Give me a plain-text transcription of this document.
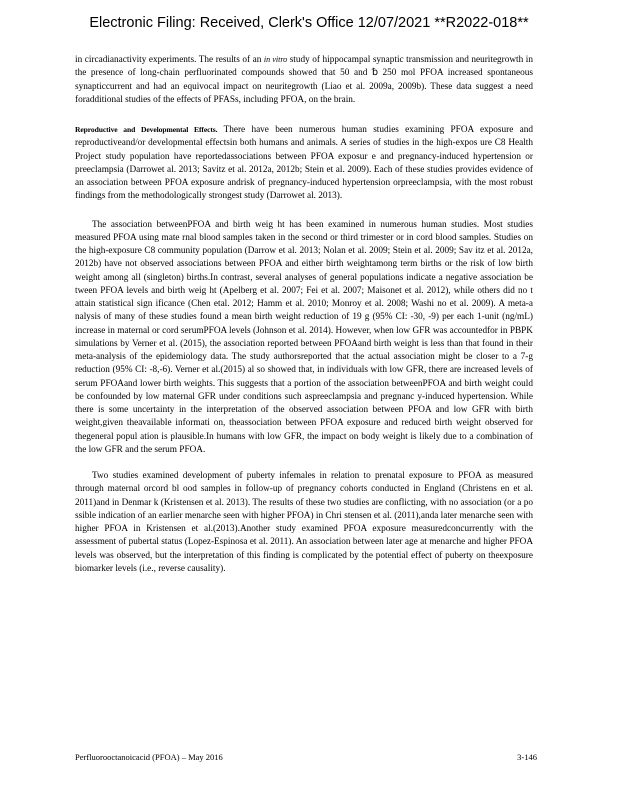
Electronic Filing: Received, Clerk's Office 12/07/2021 **R2022-018**

in circadianactivity experiments. The results of an in vitro study of hippocampal synaptic transmission and neuritegrowth in the presence of long-chain perfluorinated compounds showed that 50 and ␢ 250 mol PFOA increased spontaneous synapticcurrent and had an equivocal impact on neuritegrowth (Liao et al. 2009a, 2009b). These data suggest a need foradditional studies of the effects of PFASs, including PFOA, on the brain.

Reproductive and Developmental Effects. There have been numerous human studies examining PFOA exposure and reproductiveand/or developmental effectsin both humans and animals. A series of studies in the high-expos ure C8 Health Project study population have reportedassociations between PFOA exposur e and pregnancy-induced hypertension or preeclampsia (Darrowet al. 2013; Savitz et al. 2012a, 2012b; Stein et al. 2009). Each of these studies provides evidence of an association between PFOA exposure andrisk of pregnancy-induced hypertension orpreeclampsia, with the most robust findings from the methodologically strongest study (Darrowet al. 2013).

The association betweenPFOA and birth weig ht has been examined in numerous human studies. Most studies measured PFOA using mate rnal blood samples taken in the second or third trimester or in cord blood samples. Studies on the high-exposure C8 community population (Darrow et al. 2013; Nolan et al. 2009; Stein et al. 2009; Sav itz et al. 2012a, 2012b) have not observed associations between PFOA and either birth weightamong term births or the risk of low birth weight among all (singleton) births.In contrast, several analyses of general populations indicate a negative association be tween PFOA levels and birth weig ht (Apelberg et al. 2007; Fei et al. 2007; Maisonet et al. 2012), while others did no t attain statistical sign ificance (Chen etal. 2012; Hamm et al. 2010; Monroy et al. 2008; Washi no et al. 2009). A meta-a nalysis of many of these studies found a mean birth weight reduction of 19 g (95% CI: -30, -9) per each 1-unit (ng/mL) increase in maternal or cord serumPFOA levels (Johnson et al. 2014). However, when low GFR was accountedfor in PBPK simulations by Verner et al. (2015), the association reported between PFOAand birth weight is less than that found in their meta-analysis of the epidemiology data. The study authorsreported that the actual association might be closer to a 7-g reduction (95% CI: -8,-6). Verner et al.(2015) al so showed that, in individuals with low GFR, there are increased levels of serum PFOAand lower birth weights. This suggests that a portion of the association betweenPFOA and birth weight could be confounded by low maternal GFR under conditions such aspreeclampsia and pregnanc y-induced hypertension. While there is some uncertainty in the interpretation of the observed association between PFOA and low GFR with birth weight,given theavailable informati on, theassociation between PFOA exposure and reduced birth weight observed for thegeneral popul ation is plausible.In humans with low GFR, the impact on body weight is likely due to a combination of the low GFR and the serum PFOA.

Two studies examined development of puberty infemales in relation to prenatal exposure to PFOA as measured through maternal orcord bl ood samples in follow-up of pregnancy cohorts conducted in England (Christens en et al. 2011)and in Denmar k (Kristensen et al. 2013). The results of these two studies are conflicting, with no association (or a po ssible indication of an earlier menarche seen with higher PFOA) in Chri stensen et al. (2011),anda later menarche seen with higher PFOA in Kristensen et al.(2013).Another study examined PFOA exposure measuredconcurrently with the assessment of pubertal status (Lopez-Espinosa et al. 2011). An association between later age at menarche and higher PFOA levels was observed, but the interpretation of this finding is complicated by the potential effect of puberty on theexposure biomarker levels (i.e., reverse causality).

Perfluorooctanoicacid (PFOA) – May 2016	3-146
